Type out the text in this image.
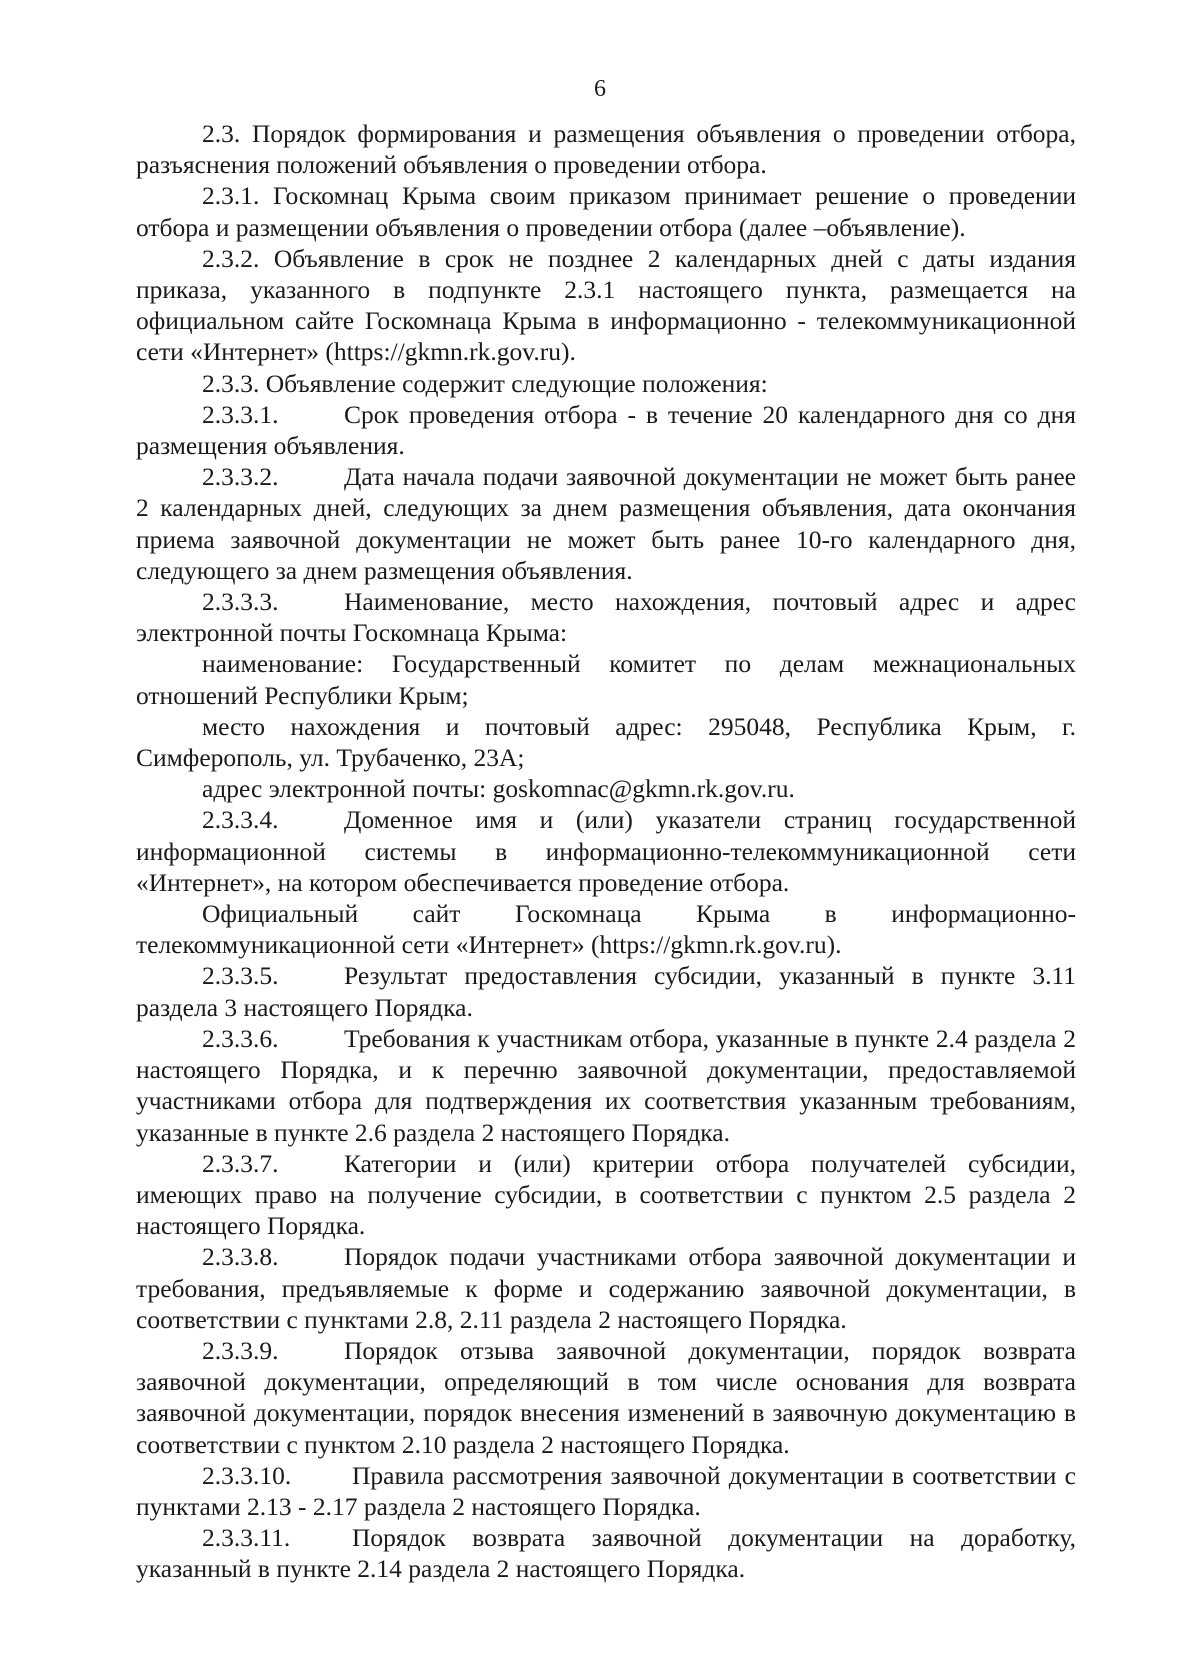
6

2.3. Порядок формирования и размещения объявления о проведении отбора, разъяснения положений объявления о проведении отбора.

2.3.1. Госкомнац Крыма своим приказом принимает решение о проведении отбора и размещении объявления о проведении отбора (далее –объявление).

2.3.2. Объявление в срок не позднее 2 календарных дней с даты издания приказа, указанного в подпункте 2.3.1 настоящего пункта, размещается на официальном сайте Госкомнаца Крыма в информационно - телекоммуникационной сети «Интернет» (https://gkmn.rk.gov.ru).

2.3.3. Объявление содержит следующие положения:

2.3.3.1.	Срок проведения отбора - в течение 20 календарного дня со дня размещения объявления.

2.3.3.2.	Дата начала подачи заявочной документации не может быть ранее 2 календарных дней, следующих за днем размещения объявления, дата окончания приема заявочной документации не может быть ранее 10-го календарного дня, следующего за днем размещения объявления.

2.3.3.3.	Наименование, место нахождения, почтовый адрес и адрес электронной почты Госкомнаца Крыма:

наименование: Государственный комитет по делам межнациональных отношений Республики Крым;

место нахождения и почтовый адрес: 295048, Республика Крым, г. Симферополь, ул. Трубаченко, 23А;

адрес электронной почты: goskomnac@gkmn.rk.gov.ru.

2.3.3.4.	Доменное имя и (или) указатели страниц государственной информационной системы в информационно-телекоммуникационной сети «Интернет», на котором обеспечивается проведение отбора.

Официальный сайт Госкомнаца Крыма в информационно-телекоммуникационной сети «Интернет» (https://gkmn.rk.gov.ru).

2.3.3.5.	Результат предоставления субсидии, указанный в пункте 3.11 раздела 3 настоящего Порядка.

2.3.3.6.	Требования к участникам отбора, указанные в пункте 2.4 раздела 2 настоящего Порядка, и к перечню заявочной документации, предоставляемой участниками отбора для подтверждения их соответствия указанным требованиям, указанные в пункте 2.6 раздела 2 настоящего Порядка.

2.3.3.7.	Категории и (или) критерии отбора получателей субсидии, имеющих право на получение субсидии, в соответствии с пунктом 2.5 раздела 2 настоящего Порядка.

2.3.3.8.	Порядок подачи участниками отбора заявочной документации и требования, предъявляемые к форме и содержанию заявочной документации, в соответствии с пунктами 2.8, 2.11 раздела 2 настоящего Порядка.

2.3.3.9.	Порядок отзыва заявочной документации, порядок возврата заявочной документации, определяющий в том числе основания для возврата заявочной документации, порядок внесения изменений в заявочную документацию в соответствии с пунктом 2.10 раздела 2 настоящего Порядка.

2.3.3.10. Правила рассмотрения заявочной документации в соответствии с пунктами 2.13 - 2.17 раздела 2 настоящего Порядка.

2.3.3.11. Порядок возврата заявочной документации на доработку, указанный в пункте 2.14 раздела 2 настоящего Порядка.
